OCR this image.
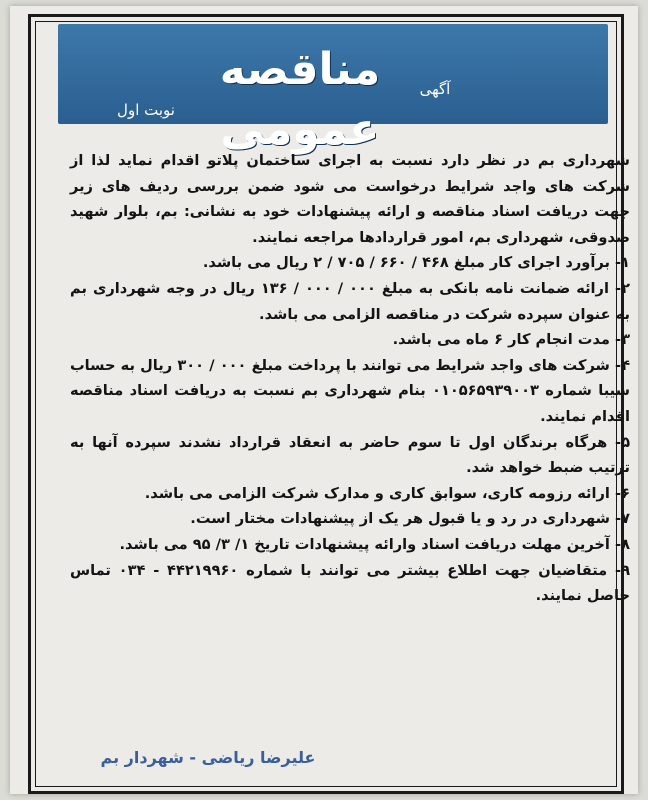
آگهی
مناقصه عمومی
نوبت اول

شهرداری بم در نظر دارد نسبت به اجرای ساختمان پلاتو اقدام نماید لذا از شرکت های واجد شرایط درخواست می شود ضمن بررسی ردیف های زیر جهت دریافت اسناد مناقصه و ارائه پیشنهادات خود به نشانی: بم، بلوار شهید صدوقی، شهرداری بم، امور قراردادها مراجعه نمایند.

۱- برآورد اجرای کار مبلغ ۴۶۸ / ۶۶۰ / ۷۰۵ / ۲ ریال می باشد.

۲- ارائه ضمانت نامه بانکی به مبلغ ۰۰۰ / ۰۰۰ / ۱۳۶ ریال در وجه شهرداری بم به عنوان سپرده شرکت در مناقصه الزامی می باشد.

۳- مدت انجام کار ۶ ماه می باشد.

۴- شرکت های واجد شرایط می توانند با پرداخت مبلغ ۰۰۰ / ۳۰۰ ریال به حساب سیبا شماره ۰۱۰۵۶۵۹۳۹۰۰۳ بنام شهرداری بم نسبت به دریافت اسناد مناقصه اقدام نمایند.

۵- هرگاه برندگان اول تا سوم حاضر به انعقاد قرارداد نشدند سپرده آنها به ترتیب ضبط خواهد شد.

۶- ارائه رزومه کاری، سوابق کاری و مدارک شرکت الزامی می باشد.

۷- شهرداری در رد و یا قبول هر یک از پیشنهادات مختار است.

۸- آخرین مهلت دریافت اسناد وارائه پیشنهادات تاریخ ۱/ ۳/ ۹۵ می باشد.

۹- متقاضیان جهت اطلاع بیشتر می توانند با شماره ۴۴۲۱۹۹۶۰ - ۰۳۴ تماس حاصل نمایند.

علیرضا ریاضی - شهردار بم
